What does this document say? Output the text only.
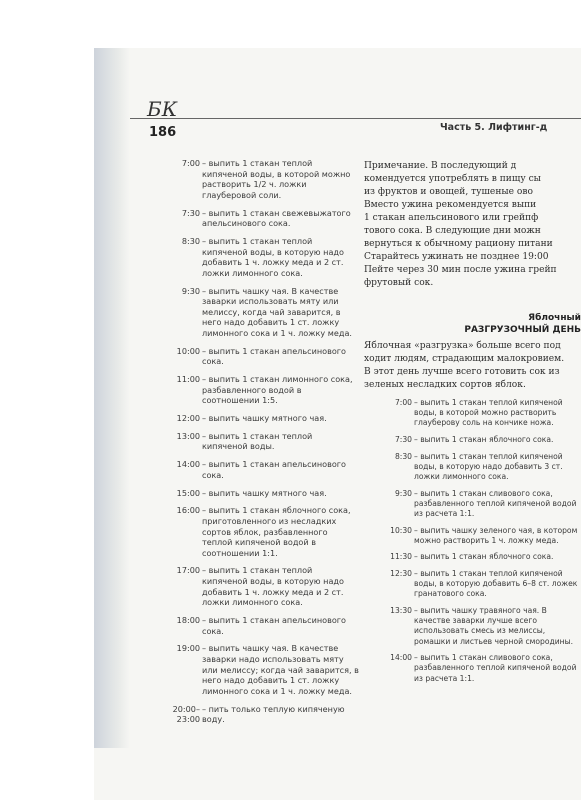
БК
186	Часть 5. Лифтинг-д
7:00 – выпить 1 стакан теплой кипяченой воды, в которой можно растворить 1/2 ч. ложки глауберовой соли.
7:30 – выпить 1 стакан свежевыжатого апельсинового сока.
8:30 – выпить 1 стакан теплой кипяченой воды, в которую надо добавить 1 ч. ложку меда и 2 ст. ложки лимонного сока.
9:30 – выпить чашку чая. В качестве заварки использовать мяту или мелиссу, когда чай заварится, в него надо добавить 1 ст. ложку лимонного сока и 1 ч. ложку меда.
10:00 – выпить 1 стакан апельсинового сока.
11:00 – выпить 1 стакан лимонного сока, разбавленного водой в соотношении 1:5.
12:00 – выпить чашку мятного чая.
13:00 – выпить 1 стакан теплой кипяченой воды.
14:00 – выпить 1 стакан апельсинового сока.
15:00 – выпить чашку мятного чая.
16:00 – выпить 1 стакан яблочного сока, приготовленного из несладких сортов яблок, разбавленного теплой кипяченой водой в соотношении 1:1.
17:00 – выпить 1 стакан теплой кипяченой воды, в которую надо добавить 1 ч. ложку меда и 2 ст. ложки лимонного сока.
18:00 – выпить 1 стакан апельсинового сока.
19:00 – выпить чашку чая. В качестве заварки надо использовать мяту или мелиссу; когда чай заварится, в него надо добавить 1 ст. ложку лимонного сока и 1 ч. ложку меда.
20:00–23:00
– пить только теплую кипяченую воду.

Примечание. В последующий д

комендуется употреблять в пищу сы

из фруктов и овощей, тушеные ово

Вместо ужина рекомендуется выпи

1 стакан апельсинового или грейпф

тового сока. В следующие дни можн

вернуться к обычному рациону питани

Старайтесь ужинать не позднее 19:00

Пейте через 30 мин после ужина грейп

фрутовый сок.

Яблочный
РАЗГРУЗОЧНЫЙ ДЕНЬ

Яблочная «разгрузка» больше всего под

ходит людям, страдающим малокровием.

В этот день лучше всего готовить сок из

зеленых несладких сортов яблок.

7:00 – выпить 1 стакан теплой кипяченой воды, в которой можно растворить глауберову соль на кончике ножа.
7:30 – выпить 1 стакан яблочного сока.
8:30 – выпить 1 стакан теплой кипяченой воды, в которую надо добавить 3 ст. ложки лимонного сока.
9:30 – выпить 1 стакан сливового сока, разбавленного теплой кипяченой водой из расчета 1:1.
10:30 – выпить чашку зеленого чая, в котором можно растворить 1 ч. ложку меда.
11:30 – выпить 1 стакан яблочного сока.
12:30 – выпить 1 стакан теплой кипяченой воды, в которую добавить 6–8 ст. ложек гранатового сока.
13:30 – выпить чашку травяного чая. В качестве заварки лучше всего использовать смесь из мелиссы, ромашки и листьев черной смородины.
14:00 – выпить 1 стакан сливового сока, разбавленного теплой кипяченой водой из расчета 1:1.
